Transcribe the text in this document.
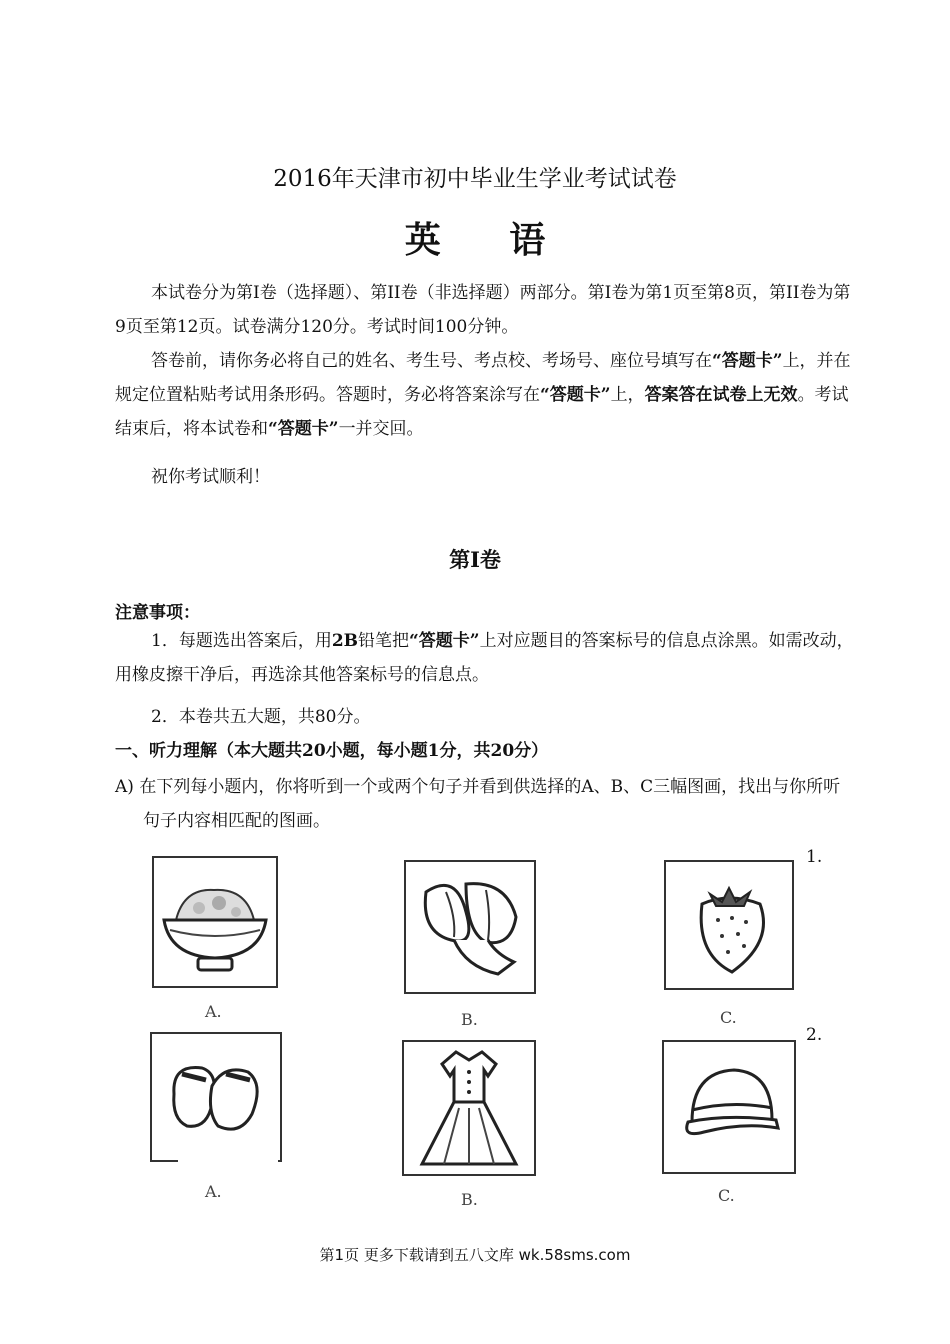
2016年天津市初中毕业生学业考试试卷
英 语
本试卷分为第I卷（选择题）、第II卷（非选择题）两部分。第I卷为第1页至第8页，第II卷为第9页至第12页。试卷满分120分。考试时间100分钟。
答卷前，请你务必将自己的姓名、考生号、考点校、考场号、座位号填写在“答题卡”上，并在规定位置粘贴考试用条形码。答题时，务必将答案涂写在“答题卡”上，答案答在试卷上无效。考试结束后，将本试卷和“答题卡”一并交回。
祝你考试顺利！
第I卷
注意事项：
1．每题选出答案后，用2B铅笔把“答题卡”上对应题目的答案标号的信息点涂黑。如需改动，用橡皮擦干净后，再选涂其他答案标号的信息点。
2．本卷共五大题，共80分。
一、听力理解（本大题共20小题，每小题1分，共20分）
A) 在下列每小题内，你将听到一个或两个句子并看到供选择的A、B、C三幅图画，找出与你所听句子内容相匹配的图画。
1.
A.	B.	C.
2.
A.	B.	C.
第1页 更多下载请到五八文库 wk.58sms.com
